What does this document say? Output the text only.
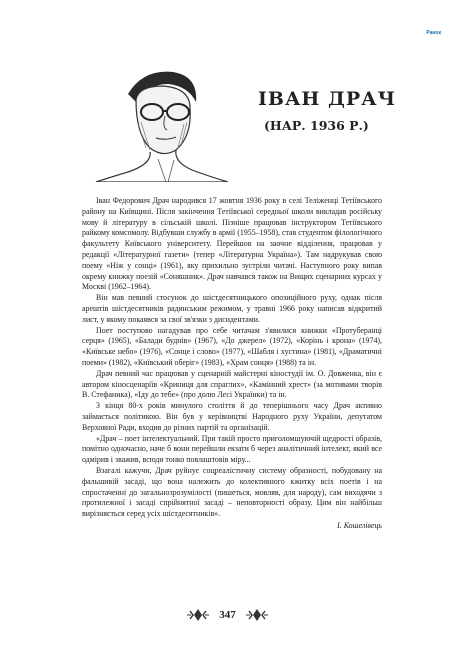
Ранок
ІВАН ДРАЧ
(НАР. 1936 Р.)

Іван Федорович Драч народився 17 жовтня 1936 року в селі Теліженці Тетіївського району на Київщині. Після закінчення Тетіївської середньої школи викладав російську мову й літературу в сільській школі. Пізніше працював інструктором Тетіївського райкому комсомолу. Відбувши службу в армії (1955–1958), став студентом філологічного факультету Київського університету. Перейшов на заочне відділення, працював у редакції «Літературної газети» (тепер «Літературна Україна»). Там надрукував свою поему «Ніж у сонці» (1961), яку прихильно зустріли читачі. Наступного року випав окрему книжку поезій «Соняшник». Драч навчався також на Вищих сценарних курсах у Москві (1962–1964).

Він мав певний стосунок до шістдесятницького опозиційного руху, однак після арештів шістдесятників радянським режимом, у травні 1966 року написав відкритий лист, у якому покаявся за свої зв'язки з дисидентами.

Поет поступово нагадував про себе читачам з'явилися книжки «Протуберанці серця» (1965), «Балади буднів» (1967), «До джерел» (1972), «Корінь і крона» (1974), «Київське небо» (1976), «Сонце і слово» (1977), «Шабля і хустина» (1981), «Драматичні поеми» (1982), «Київський оберіг» (1983), «Храм сонця» (1988) та ін.

Драч певний час працював у сценарній майстерні кіностудії ім. О. Довженка, він є автором кіносценаріїв «Криниця для спраглих», «Камінний хрест» (за мотивами творів В. Стефаника), «Іду до тебе» (про долю Лесі Українки) та ін.

З кінця 80-х років минулого століття й до теперішнього часу Драч активно займається політикою. Він був у керівництві Народного руху України, депутатом Верховної Ради, входив до різних партій та організацій.

«Драч – поет інтелектуальний. При такій просто приголомшуючій щедрості образів, помітно одночасно, наче б вони перейшли екзати б через аналітичний інтелект, який все одмірив і зважив, всюди тонко повлаштовів міру...

Взагалі кажучи, Драч руйнує соцреалістичну систему образності, побудовану на фальшивій засаді, що вона належить до колективного кжитку всіх поетів і на спростаченні до загальнозрозумілості (пишеться, мовляв, для народу), сам виходячи з протилежної і засаді спрійнятної засаді – неповторності образу. Цим він найбільш вирізняється серед усіх шістдесятників».

І. Кошелівець
347
